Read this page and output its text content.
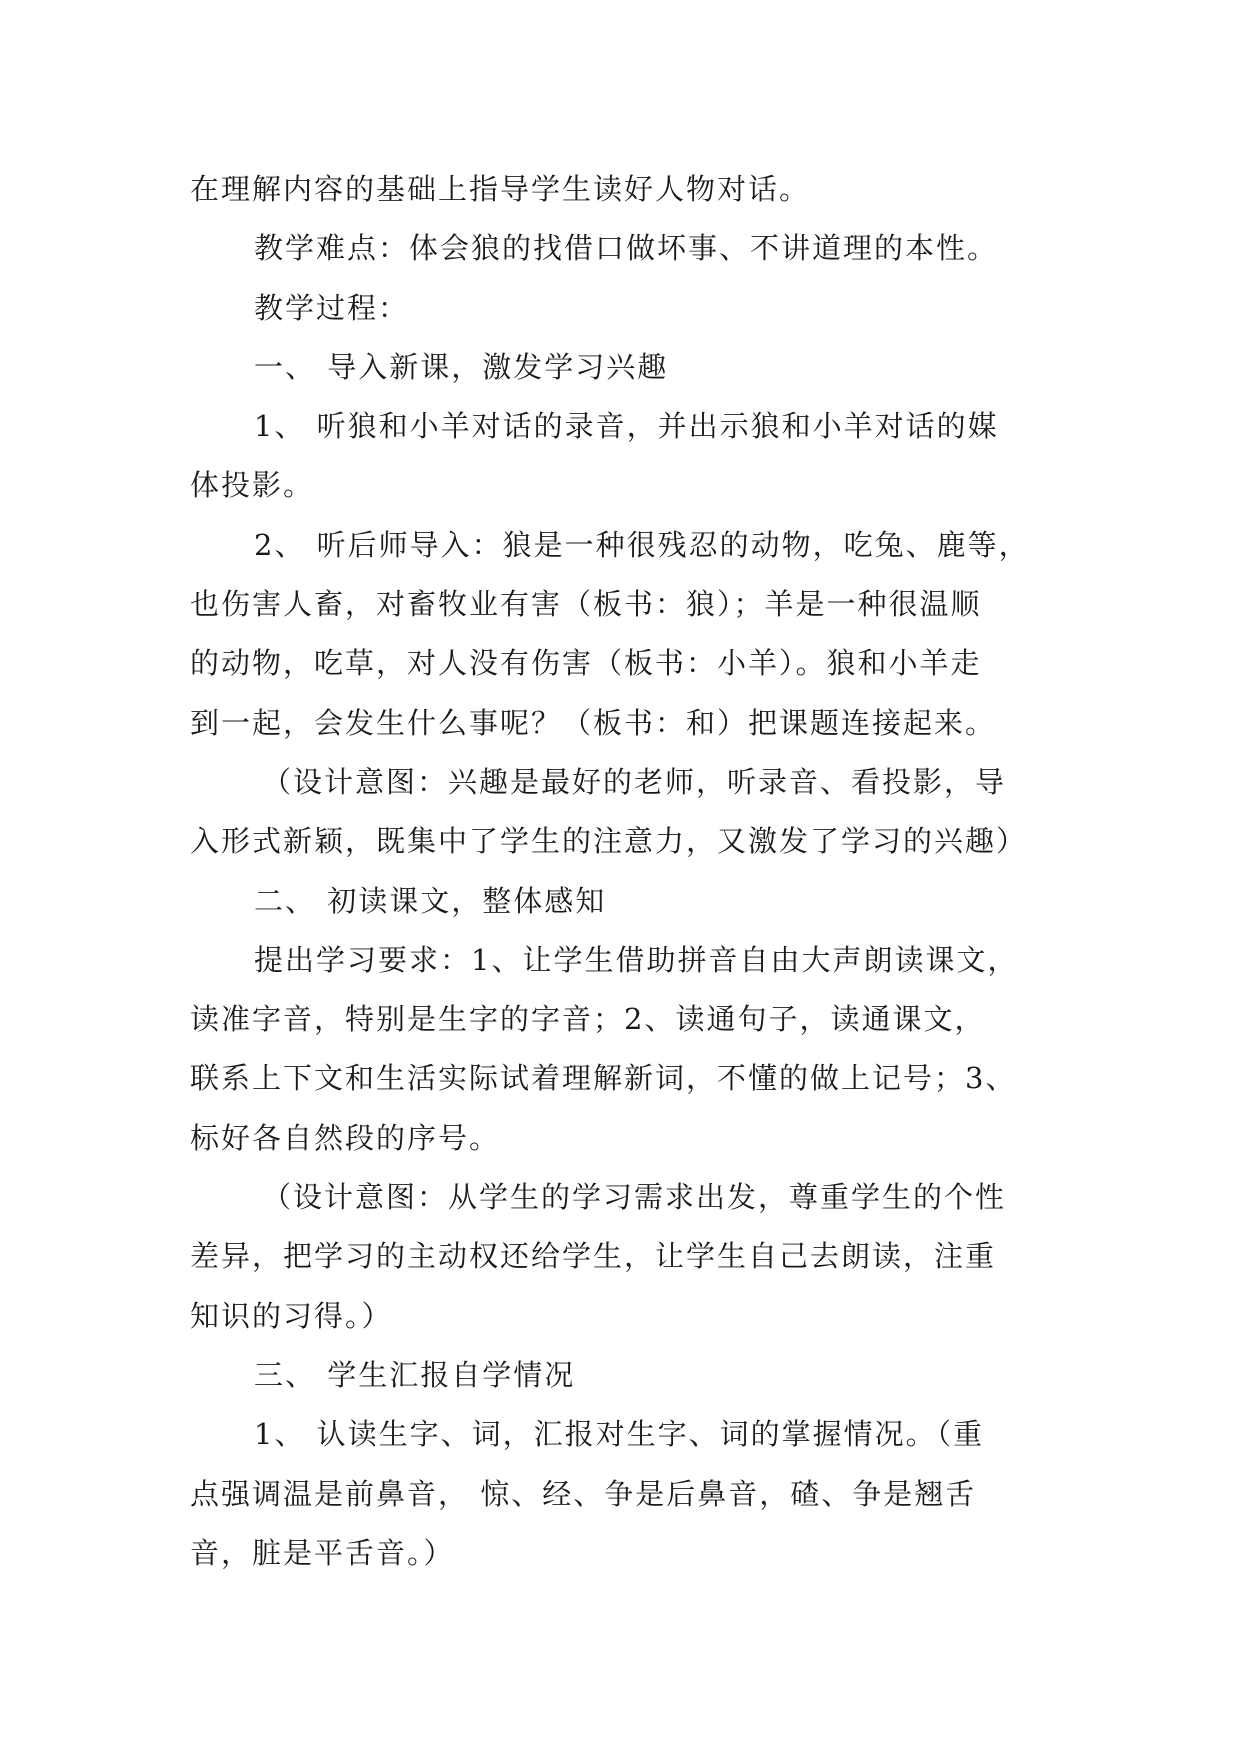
在理解内容的基础上指导学生读好人物对话。
教学难点：体会狼的找借口做坏事、不讲道理的本性。
教学过程：
一、 导入新课，激发学习兴趣
1、 听狼和小羊对话的录音，并出示狼和小羊对话的媒
体投影。
2、 听后师导入：狼是一种很残忍的动物，吃兔、鹿等，
也伤害人畜，对畜牧业有害（板书：狼）；羊是一种很温顺
的动物，吃草，对人没有伤害（板书：小羊）。狼和小羊走
到一起，会发生什么事呢？（板书：和）把课题连接起来。
（设计意图：兴趣是最好的老师，听录音、看投影，导
入形式新颖，既集中了学生的注意力，又激发了学习的兴趣）
二、 初读课文，整体感知
提出学习要求：1、让学生借助拼音自由大声朗读课文，
读准字音，特别是生字的字音；2、读通句子，读通课文，
联系上下文和生活实际试着理解新词，不懂的做上记号；3、
标好各自然段的序号。
（设计意图：从学生的学习需求出发，尊重学生的个性
差异，把学习的主动权还给学生，让学生自己去朗读，注重
知识的习得。）
三、 学生汇报自学情况
1、 认读生字、词，汇报对生字、词的掌握情况。（重
点强调温是前鼻音， 惊、经、争是后鼻音，碴、争是翘舌
音，脏是平舌音。）
